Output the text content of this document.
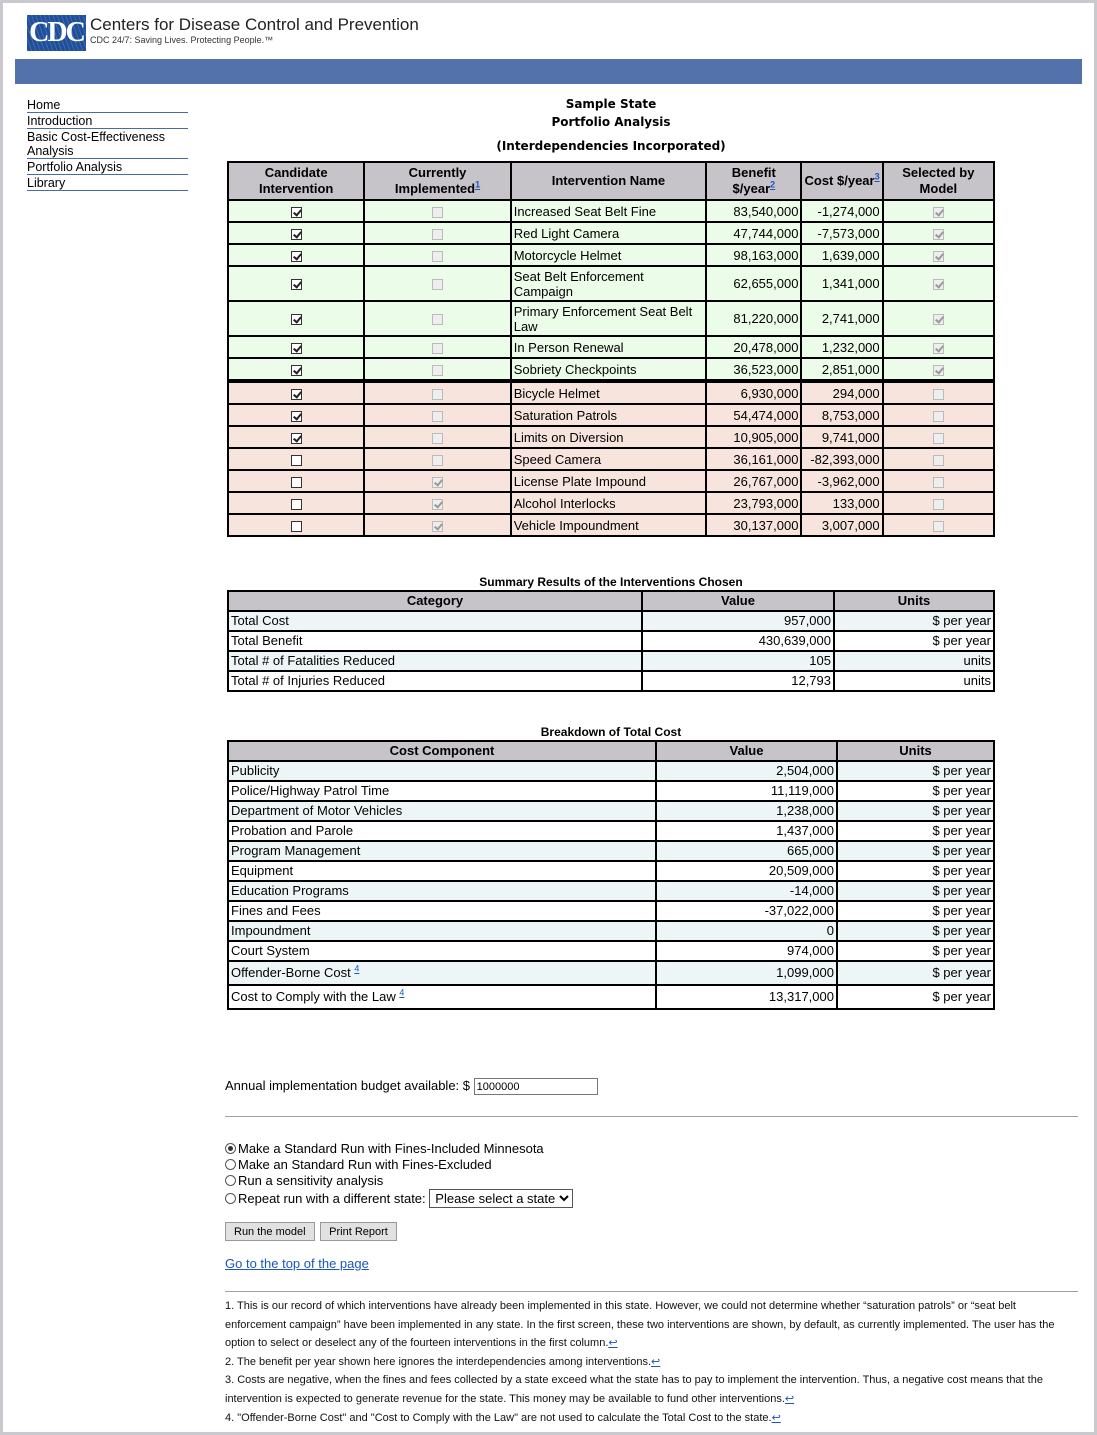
CDC Centers for Disease Control and Prevention
CDC 24/7: Saving Lives. Protecting People.™
Home
Introduction
Basic Cost-Effectiveness Analysis
Portfolio Analysis
Library
Sample State
Portfolio Analysis
(Interdependencies Incorporated)
Candidate Intervention	Currently Implemented$^1$	Intervention Name	Benefit $/year$^2$	Cost $/year$^3$	Selected by Model
		Increased Seat Belt Fine	83,540,000	-1,274,000	
		Red Light Camera	47,744,000	-7,573,000	
		Motorcycle Helmet	98,163,000	1,639,000	
		Seat Belt Enforcement Campaign	62,655,000	1,341,000	
		Primary Enforcement Seat Belt Law	81,220,000	2,741,000	
		In Person Renewal	20,478,000	1,232,000	
		Sobriety Checkpoints	36,523,000	2,851,000	
		Bicycle Helmet	6,930,000	294,000	
		Saturation Patrols	54,474,000	8,753,000	
		Limits on Diversion	10,905,000	9,741,000	
		Speed Camera	36,161,000	-82,393,000	
		License Plate Impound	26,767,000	-3,962,000	
		Alcohol Interlocks	23,793,000	133,000	
		Vehicle Impoundment	30,137,000	3,007,000	
Summary Results of the Interventions Chosen
Category	Value	Units
Total Cost	957,000	$ per year
Total Benefit	430,639,000	$ per year
Total # of Fatalities Reduced	105	units
Total # of Injuries Reduced	12,793	units
Breakdown of Total Cost
Cost Component	Value	Units
Publicity	2,504,000	$ per year
Police/Highway Patrol Time	11,119,000	$ per year
Department of Motor Vehicles	1,238,000	$ per year
Probation and Parole	1,437,000	$ per year
Program Management	665,000	$ per year
Equipment	20,509,000	$ per year
Education Programs	-14,000	$ per year
Fines and Fees	-37,022,000	$ per year
Impoundment	0	$ per year
Court System	974,000	$ per year
Offender-Borne Cost $^4$	1,099,000	$ per year
Cost to Comply with the Law $^4$	13,317,000	$ per year
Annual implementation budget available: $ 1000000
Make a Standard Run with Fines-Included Minnesota
Make an Standard Run with Fines-Excluded
Run a sensitivity analysis
Repeat run with a different state:
Please select a state
Run the model Print Report
Go to the top of the page

1. This is our record of which interventions have already been implemented in this state. However, we could not determine whether “saturation patrols” or “seat belt enforcement campaign” have been implemented in any state. In the first screen, these two interventions are shown, by default, as currently implemented. The user has the option to select or deselect any of the fourteen interventions in the first column.↩

2. The benefit per year shown here ignores the interdependencies among interventions.↩

3. Costs are negative, when the fines and fees collected by a state exceed what the state has to pay to implement the intervention. Thus, a negative cost means that the intervention is expected to generate revenue for the state. This money may be available to fund other interventions.↩

4. "Offender-Borne Cost" and "Cost to Comply with the Law" are not used to calculate the Total Cost to the state.↩
